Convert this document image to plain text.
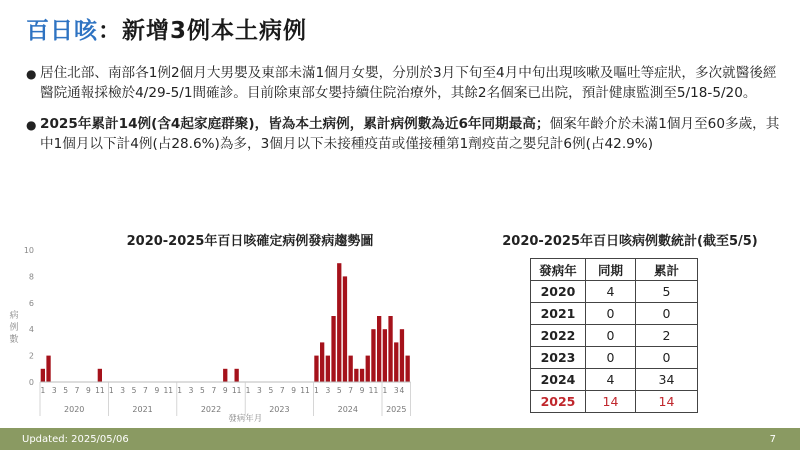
百日咳 ：新增3例本土病例
● 居住北部、南部各1例2個月大男嬰及東部未滿1個月女嬰，分別於3月下旬至4月中旬出現咳嗽及嘔吐等症狀，多次就醫後經醫院通報採檢於4/29-5/1間確診。目前除東部女嬰持續住院治療外，其餘2名個案已出院，預計健康監測至5/18-5/20。
● 2025年累計14例(含4起家庭群聚)，皆為本土病例，累計病例數為近6年同期最高；個案年齡介於未滿1個月至60多歲，其中1個月以下計4例(占28.6%)為多，3個月以下未接種疫苗或僅接種第1劑疫苗之嬰兒計6例(占42.9%)
2020-2025年百日咳確定病例發病趨勢圖	2020-2025年百日咳病例數統計(截至5/5)
0
2
4
6
8
10
病
例
數
1 3 5 7 9 11 1 3 5 7 9 11 1 3 5 7 9 11 1 3 5 7 9 11 1 3 5 7 9 11 1 3 4
2020	2021	2022	2023	2024	2025
發病年月
發病年	同期	累計
2020	4	5
2021	0	0
2022	0	2
2023	0	0
2024	4	34
2025	14	14
Updated: 2025/05/06	7
